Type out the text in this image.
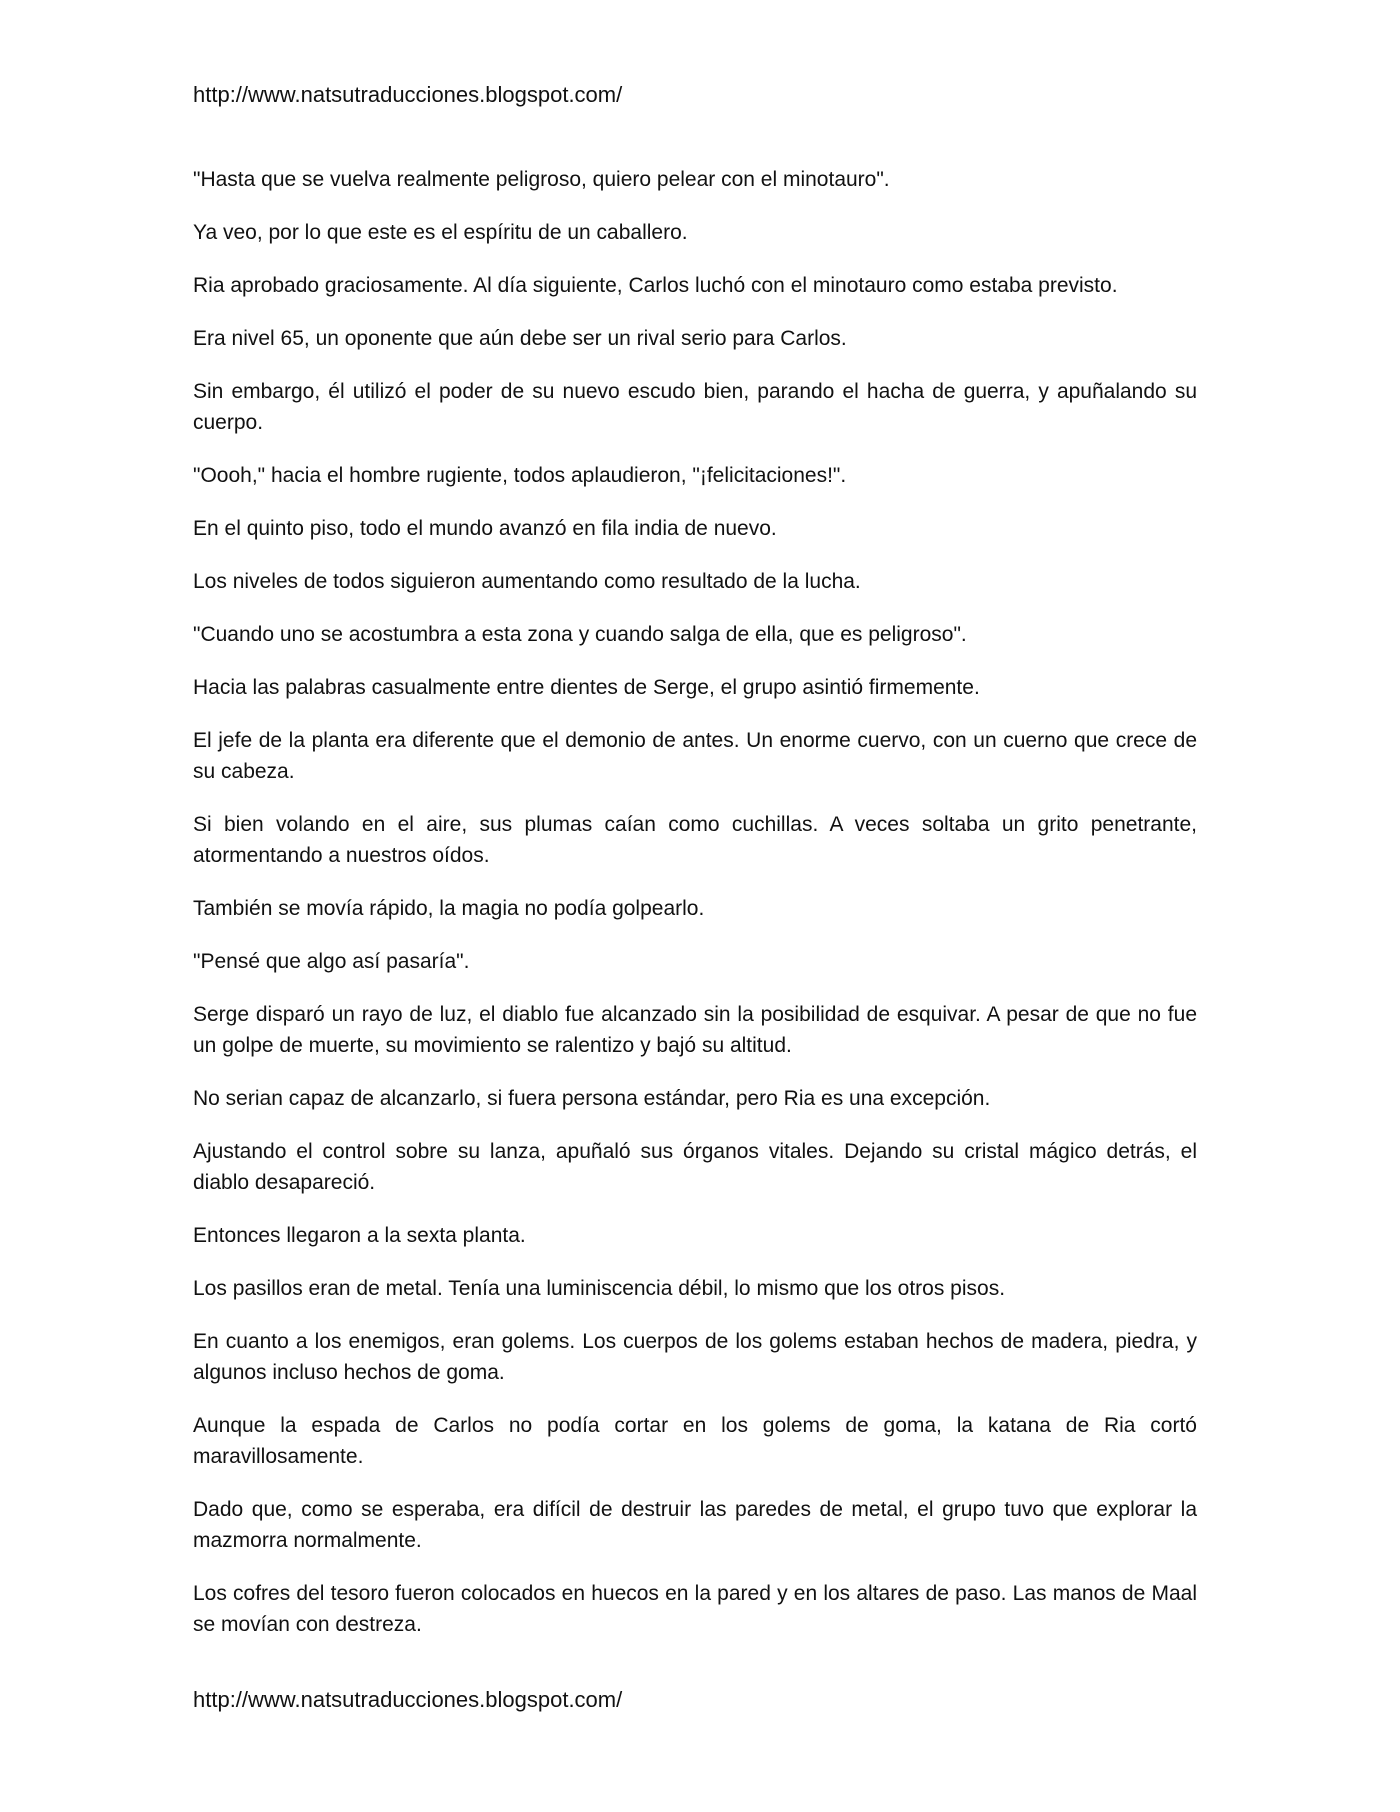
http://www.natsutraducciones.blogspot.com/

"Hasta que se vuelva realmente peligroso, quiero pelear con el minotauro".

Ya veo, por lo que este es el espíritu de un caballero.

Ria aprobado graciosamente. Al día siguiente, Carlos luchó con el minotauro como estaba previsto.

Era nivel 65, un oponente que aún debe ser un rival serio para Carlos.

Sin embargo, él utilizó el poder de su nuevo escudo bien, parando el hacha de guerra, y apuñalando su cuerpo.

"Oooh," hacia el hombre rugiente, todos aplaudieron, "¡felicitaciones!".

En el quinto piso, todo el mundo avanzó en fila india de nuevo.

Los niveles de todos siguieron aumentando como resultado de la lucha.

"Cuando uno se acostumbra a esta zona y cuando salga de ella, que es peligroso".

Hacia las palabras casualmente entre dientes de Serge, el grupo asintió firmemente.

El jefe de la planta era diferente que el demonio de antes. Un enorme cuervo, con un cuerno que crece de su cabeza.

Si bien volando en el aire, sus plumas caían como cuchillas. A veces soltaba un grito penetrante, atormentando a nuestros oídos.

También se movía rápido, la magia no podía golpearlo.

"Pensé que algo así pasaría".

Serge disparó un rayo de luz, el diablo fue alcanzado sin la posibilidad de esquivar. A pesar de que no fue un golpe de muerte, su movimiento se ralentizo y bajó su altitud.

No serian capaz de alcanzarlo, si fuera persona estándar, pero Ria es una excepción.

Ajustando el control sobre su lanza, apuñaló sus órganos vitales. Dejando su cristal mágico detrás, el diablo desapareció.

Entonces llegaron a la sexta planta.

Los pasillos eran de metal. Tenía una luminiscencia débil, lo mismo que los otros pisos.

En cuanto a los enemigos, eran golems. Los cuerpos de los golems estaban hechos de madera, piedra, y algunos incluso hechos de goma.

Aunque la espada de Carlos no podía cortar en los golems de goma, la katana de Ria cortó maravillosamente.

Dado que, como se esperaba, era difícil de destruir las paredes de metal, el grupo tuvo que explorar la mazmorra normalmente.

Los cofres del tesoro fueron colocados en huecos en la pared y en los altares de paso. Las manos de Maal se movían con destreza.

http://www.natsutraducciones.blogspot.com/
